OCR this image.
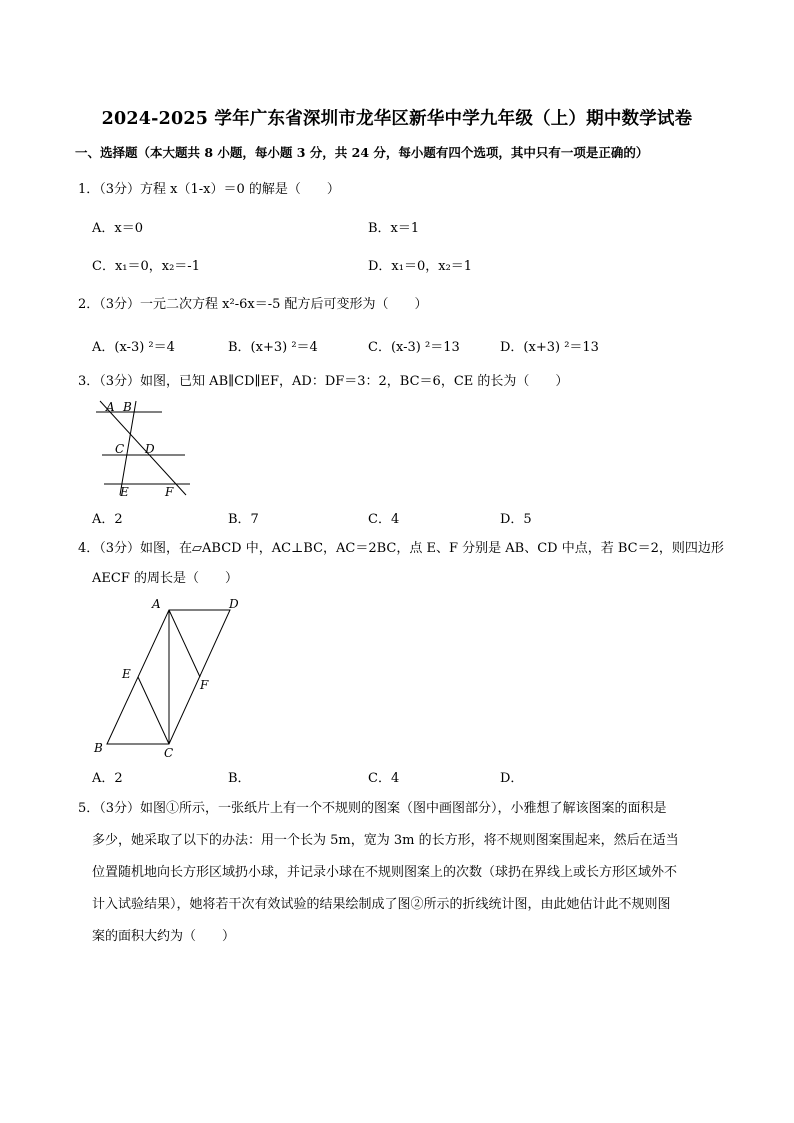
2024-2025 学年广东省深圳市龙华区新华中学九年级（上）期中数学试卷
一、选择题（本大题共 8 小题，每小题 3 分，共 24 分，每小题有四个选项，其中只有一项是正确的）
1．（3分）方程 x（1-x）＝0 的解是（　　）
A．x＝0	B．x＝1
C．x₁＝0，x₂＝-1	D．x₁＝0，x₂＝1
2．（3分）一元二次方程 x²-6x＝-5 配方后可变形为（　　）
A．(x-3) ²＝4	B．(x+3) ²＝4	C．(x-3) ²＝13	D．(x+3) ²＝13
3．（3分）如图，已知 AB∥CD∥EF，AD：DF＝3：2，BC＝6，CE 的长为（　　）
A B
C D
E	F
A．2	B．7	C．4	D．5
4．（3分）如图，在▱ABCD 中，AC⊥BC，AC＝2BC，点 E、F 分别是 AB、CD 中点，若 BC＝2，则四边形
AECF 的周长是（　　）
A	D
E
F
B	C
A．2	B．	C．4	D．
5．（3分）如图①所示，一张纸片上有一个不规则的图案（图中画图部分），小雅想了解该图案的面积是
多少，她采取了以下的办法：用一个长为 5m，宽为 3m 的长方形，将不规则图案围起来，然后在适当
位置随机地向长方形区域扔小球，并记录小球在不规则图案上的次数（球扔在界线上或长方形区域外不
计入试验结果），她将若干次有效试验的结果绘制成了图②所示的折线统计图，由此她估计此不规则图
案的面积大约为（　　）
